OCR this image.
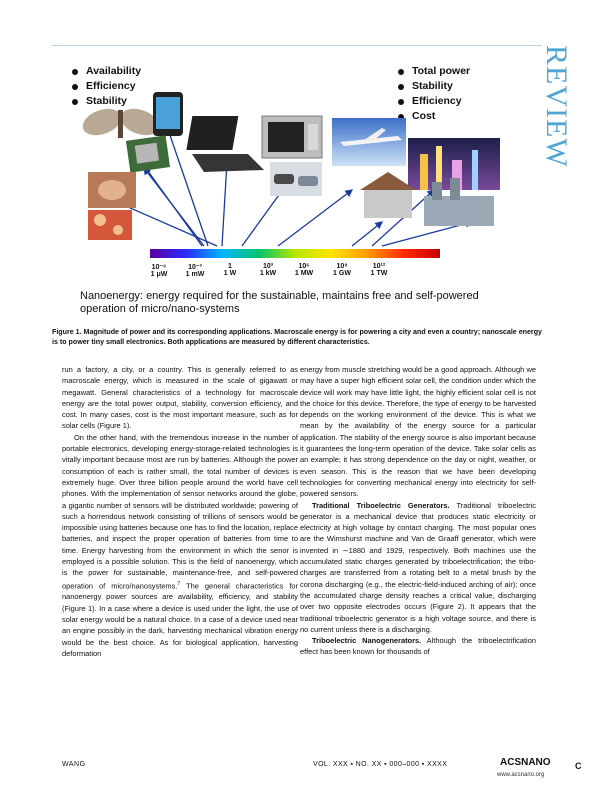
REVIEW
Availability
Efficiency
Stability
Total power
Stability
Efficiency
Cost
10⁻⁶
1 μW
10⁻³
1 mW
1
1 W
10³
1 kW
10⁶
1 MW
10⁹
1 GW
10¹²
1 TW
Nanoenergy: energy required for the sustainable, maintains free and self-powered operation of micro/nano-systems
Figure 1. Magnitude of power and its corresponding applications. Macroscale energy is for powering a city and even a country; nanoscale energy is to power tiny small electronics. Both applications are measured by different characteristics.

run a factory, a city, or a country. This is generally referred to as macroscale energy, which is measured in the scale of gigawatt or megawatt. General characteristics of a technology for macroscale energy are the total power output, stability, conversion efficiency, and cost. In many cases, cost is the most important measure, such as for solar cells (Figure 1).

On the other hand, with the tremendous increase in the number of portable electronics, developing energy-storage-related technologies is vitally important because most are run by batteries. Although the power consumption of each is rather small, the total number of devices is extremely huge. Over three billion people around the world have cell phones. With the implementation of sensor networks around the globe, a gigantic number of sensors will be distributed worldwide; powering of such a horrendous network consisting of trillions of sensors would be impossible using batteries because one has to find the location, replace batteries, and inspect the proper operation of batteries from time to time. Energy harvesting from the environment in which the senor is employed is a possible solution. This is the field of nanoenergy, which is the power for sustainable, maintenance-free, and self-powered operation of micro/nanosystems.$^7$ The general characteristics for nanoenergy power sources are availability, efficiency, and stability (Figure 1). In a case where a device is used under the light, the use of solar energy would be a natural choice. In a case of a device used near an engine possibly in the dark, harvesting mechanical vibration energy would be the best choice. As for biological application, harvesting deformation

energy from muscle stretching would be a good approach. Although we may have a super high efficient solar cell, the condition under which the device will work may have little light, the highly efficient solar cell is not the choice for this device. Therefore, the type of energy to be harvested depends on the working environment of the device. This is what we mean by the availability of the energy source for a particular application. The stability of the energy source is also important because it guarantees the long-term operation of the device. Take solar cells as an example; it has strong dependence on the day or night, weather, or even season. This is the reason that we have been developing technologies for converting mechanical energy into electricity for self-powered sensors.

Traditional Triboelectric Generators. Traditional triboelectric generator is a mechanical device that produces static electricity or electricity at high voltage by contact charging. The most popular ones are the Wimshurst machine and Van de Graaff generator, which were invented in ∼1880 and 1929, respectively. Both machines use the accumulated static charges generated by triboelectrification; the tribo-charges are transferred from a rotating belt to a metal brush by the corona discharging (e.g., the electric-field-induced arching of air); once the accumulated charge density reaches a critical value, discharging over two opposite electrodes occurs (Figure 2). It appears that the traditional triboelectric generator is a high voltage source, and there is no current unless there is a discharging.

Triboelectric Nanogenerators. Although the triboelectrification effect has been known for thousands of

WANG	VOL. XXX ▪ NO. XX ▪ 000–000 ▪ XXXX	ACSNANO
www.acsnano.org
C
